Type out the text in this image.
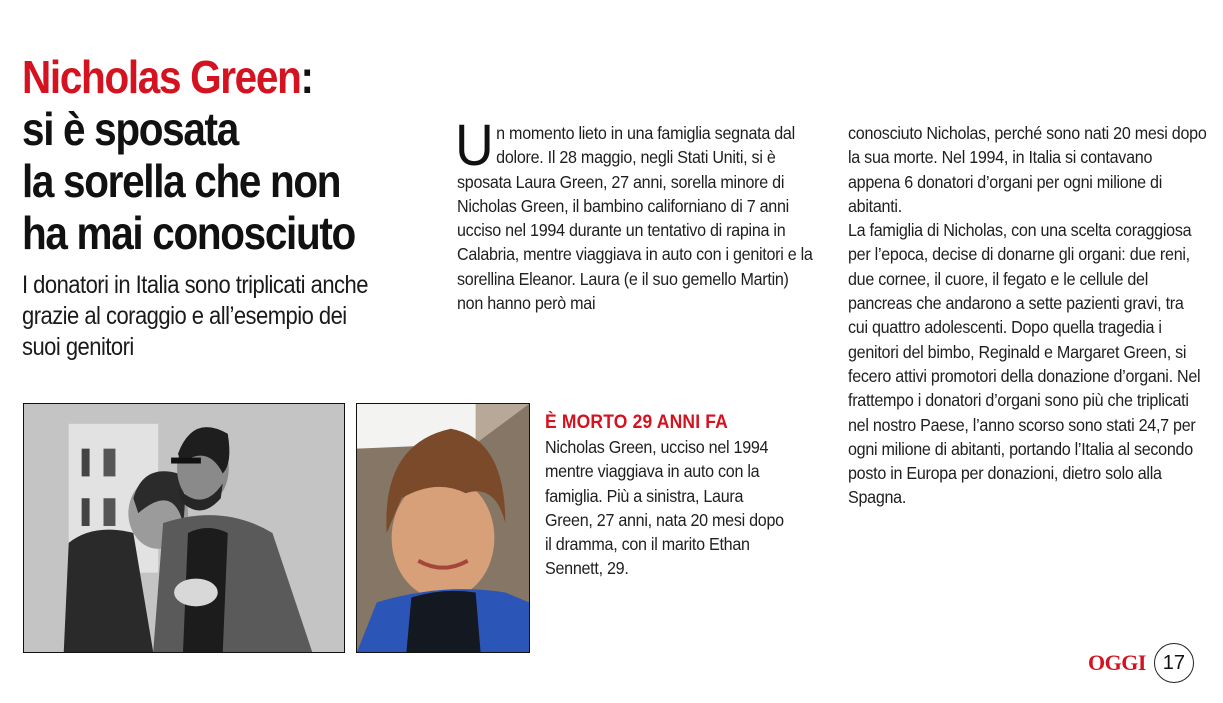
Nicholas Green:
si è sposata
la sorella che non
ha mai conosciuto
I donatori in Italia sono triplicati anche grazie al coraggio e all’esempio dei suoi genitori
U n momento lieto in una famiglia segnata dal dolore. Il 28 maggio, negli Stati Uniti, si è sposata Laura Green, 27 anni, sorella minore di Nicholas Green, il bambino californiano di 7 anni ucciso nel 1994 durante un tentativo di rapina in Calabria, mentre viaggiava in auto con i genitori e la sorellina Eleanor. Laura (e il suo gemello Martin) non hanno però mai

conosciuto Nicholas, perché sono nati 20 mesi dopo la sua morte. Nel 1994, in Italia si contavano appena 6 donatori d’organi per ogni milione di abitanti.

La famiglia di Nicholas, con una scelta coraggiosa per l’epoca, decise di donarne gli organi: due reni, due cornee, il cuore, il fegato e le cellule del pancreas che andarono a sette pazienti gravi, tra cui quattro adolescenti. Dopo quella tragedia i genitori del bimbo, Reginald e Margaret Green, si fecero attivi promotori della donazione d’organi. Nel frattempo i donatori d’organi sono più che triplicati nel nostro Paese, l’anno scorso sono stati 24,7 per ogni milione di abitanti, portando l’Italia al secondo posto in Europa per donazioni, dietro solo alla Spagna.

È MORTO 29 ANNI FA
Nicholas Green, ucciso nel 1994 mentre viaggiava in auto con la famiglia. Più a sinistra, Laura Green, 27 anni, nata 20 mesi dopo il dramma, con il marito Ethan Sennett, 29.
OGGI 17
